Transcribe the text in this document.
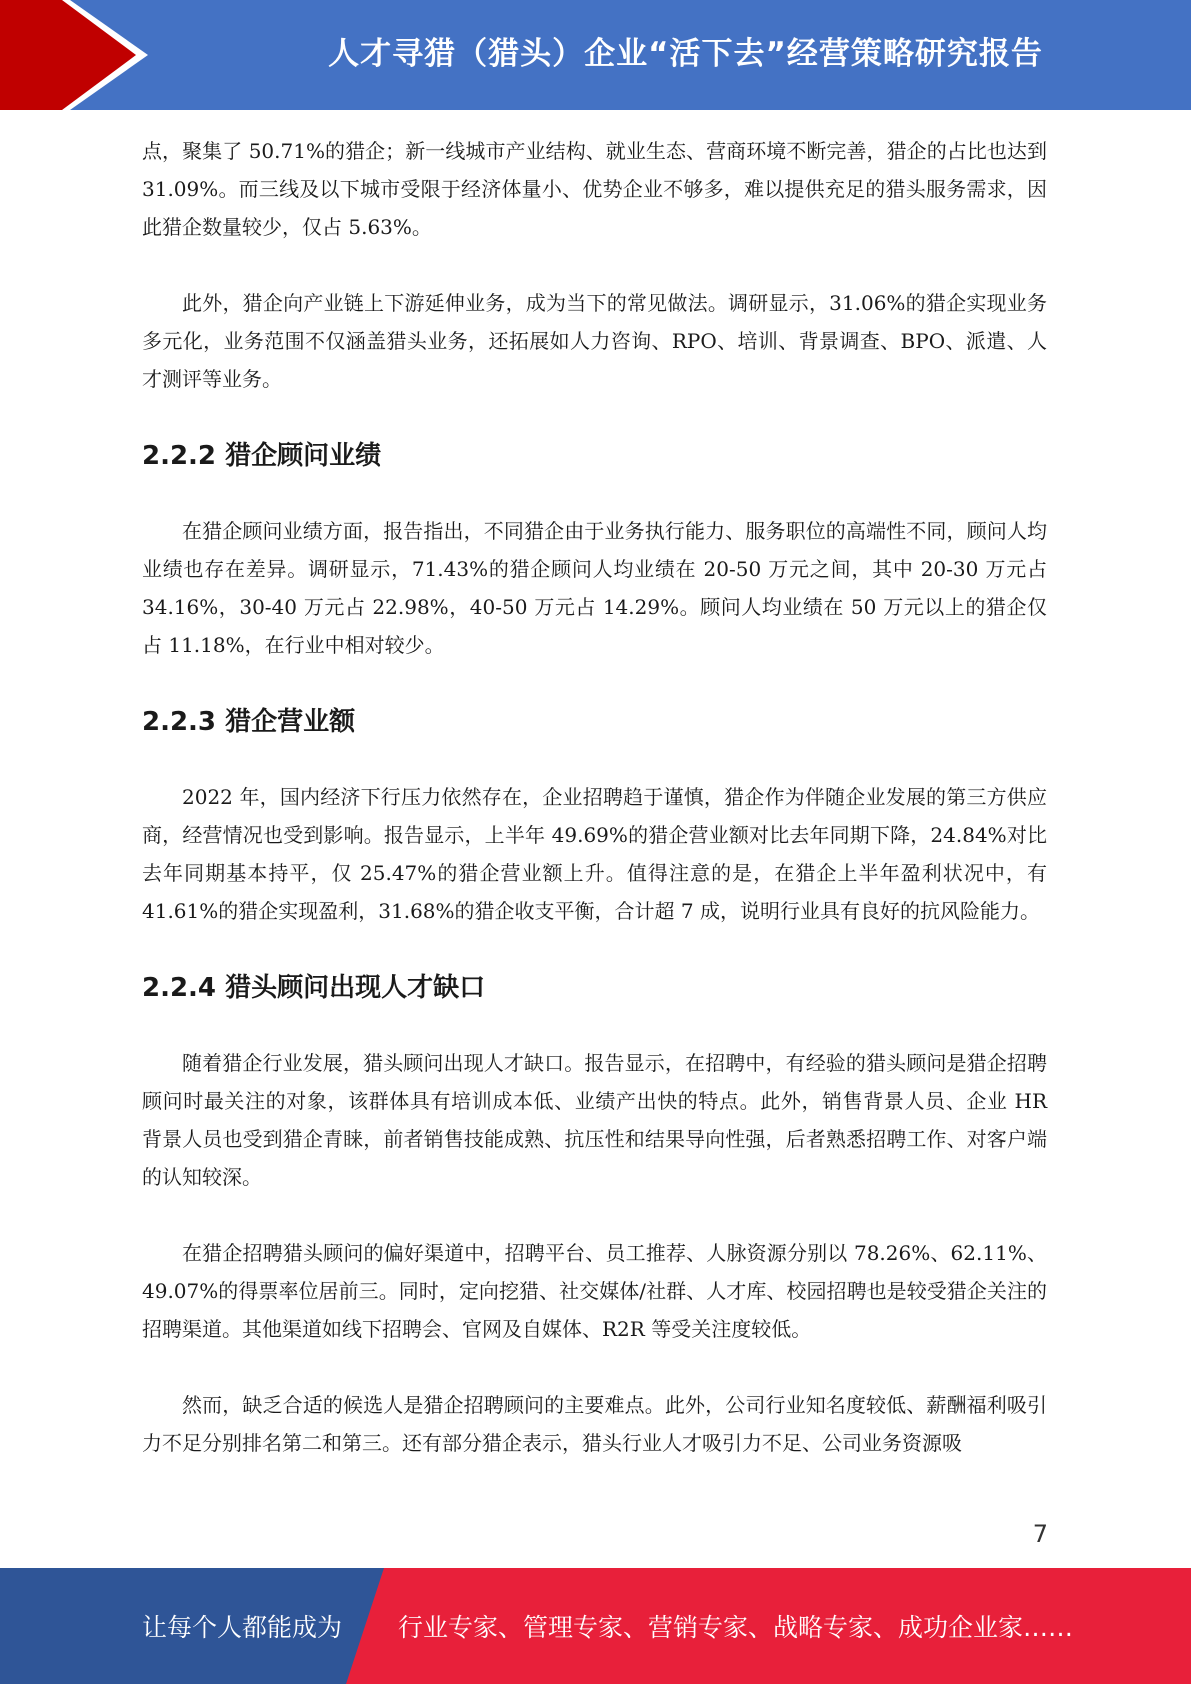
人才寻猎（猎头）企业“活下去”经营策略研究报告

点，聚集了 50.71%的猎企；新一线城市产业结构、就业生态、营商环境不断完善，猎企的占比也达到 31.09%。而三线及以下城市受限于经济体量小、优势企业不够多，难以提供充足的猎头服务需求，因此猎企数量较少，仅占 5.63%。

此外，猎企向产业链上下游延伸业务，成为当下的常见做法。调研显示，31.06%的猎企实现业务多元化，业务范围不仅涵盖猎头业务，还拓展如人力咨询、RPO、培训、背景调查、BPO、派遣、人才测评等业务。

2.2.2 猎企顾问业绩

在猎企顾问业绩方面，报告指出，不同猎企由于业务执行能力、服务职位的高端性不同，顾问人均业绩也存在差异。调研显示，71.43%的猎企顾问人均业绩在 20-50 万元之间，其中 20-30 万元占 34.16%，30-40 万元占 22.98%，40-50 万元占 14.29%。顾问人均业绩在 50 万元以上的猎企仅占 11.18%，在行业中相对较少。

2.2.3 猎企营业额

2022 年，国内经济下行压力依然存在，企业招聘趋于谨慎，猎企作为伴随企业发展的第三方供应商，经营情况也受到影响。报告显示，上半年 49.69%的猎企营业额对比去年同期下降，24.84%对比去年同期基本持平，仅 25.47%的猎企营业额上升。值得注意的是，在猎企上半年盈利状况中，有 41.61%的猎企实现盈利，31.68%的猎企收支平衡，合计超 7 成，说明行业具有良好的抗风险能力。

2.2.4 猎头顾问出现人才缺口

随着猎企行业发展，猎头顾问出现人才缺口。报告显示，在招聘中，有经验的猎头顾问是猎企招聘顾问时最关注的对象，该群体具有培训成本低、业绩产出快的特点。此外，销售背景人员、企业 HR 背景人员也受到猎企青睐，前者销售技能成熟、抗压性和结果导向性强，后者熟悉招聘工作、对客户端的认知较深。

在猎企招聘猎头顾问的偏好渠道中，招聘平台、员工推荐、人脉资源分别以 78.26%、62.11%、49.07%的得票率位居前三。同时，定向挖猎、社交媒体/社群、人才库、校园招聘也是较受猎企关注的招聘渠道。其他渠道如线下招聘会、官网及自媒体、R2R 等受关注度较低。

然而，缺乏合适的候选人是猎企招聘顾问的主要难点。此外，公司行业知名度较低、薪酬福利吸引力不足分别排名第二和第三。还有部分猎企表示，猎头行业人才吸引力不足、公司业务资源吸

7
让每个人都能成为	行业专家、管理专家、营销专家、战略专家、成功企业家……
